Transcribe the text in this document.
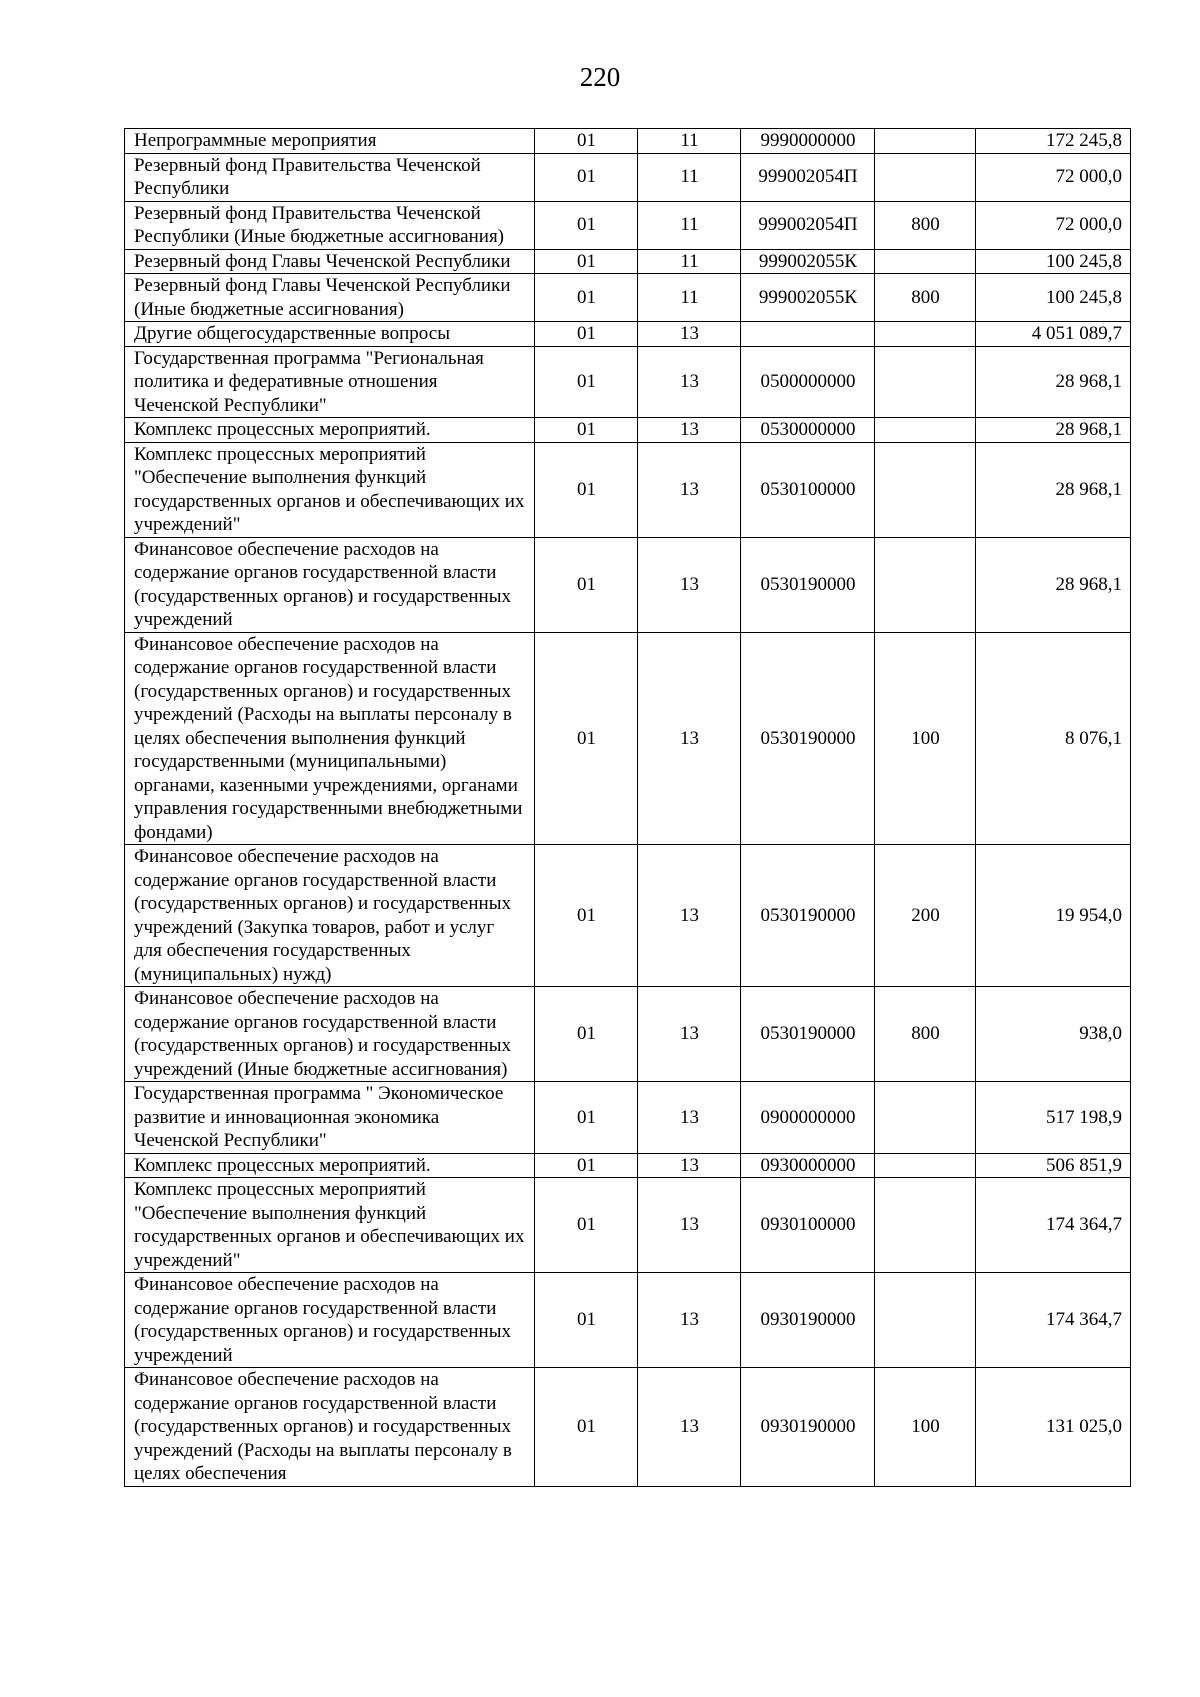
220
Непрограммные мероприятия	01	11	9990000000		172 245,8
Резервный фонд Правительства Чеченской Республики	01	11	999002054П		72 000,0
Резервный фонд Правительства Чеченской Республики (Иные бюджетные ассигнования)	01	11	999002054П	800	72 000,0
Резервный фонд Главы Чеченской Республики	01	11	999002055К		100 245,8
Резервный фонд Главы Чеченской Республики (Иные бюджетные ассигнования)	01	11	999002055К	800	100 245,8
Другие общегосударственные вопросы	01	13			4 051 089,7
Государственная программа "Региональная политика и федеративные отношения Чеченской Республики"	01	13	0500000000		28 968,1
Комплекс процессных мероприятий.	01	13	0530000000		28 968,1
Комплекс процессных мероприятий "Обеспечение выполнения функций государственных органов и обеспечивающих их учреждений"	01	13	0530100000		28 968,1
Финансовое обеспечение расходов на содержание органов государственной власти (государственных органов) и государственных учреждений	01	13	0530190000		28 968,1
Финансовое обеспечение расходов на содержание органов государственной власти (государственных органов) и государственных учреждений (Расходы на выплаты персоналу в целях обеспечения выполнения функций государственными (муниципальными) органами, казенными учреждениями, органами управления государственными внебюджетными фондами)	01	13	0530190000	100	8 076,1
Финансовое обеспечение расходов на содержание органов государственной власти (государственных органов) и государственных учреждений (Закупка товаров, работ и услуг для обеспечения государственных (муниципальных) нужд)	01	13	0530190000	200	19 954,0
Финансовое обеспечение расходов на содержание органов государственной власти (государственных органов) и государственных учреждений (Иные бюджетные ассигнования)	01	13	0530190000	800	938,0
Государственная программа " Экономическое развитие и инновационная экономика Чеченской Республики"	01	13	0900000000		517 198,9
Комплекс процессных мероприятий.	01	13	0930000000		506 851,9
Комплекс процессных мероприятий "Обеспечение выполнения функций государственных органов и обеспечивающих их учреждений"	01	13	0930100000		174 364,7
Финансовое обеспечение расходов на содержание органов государственной власти (государственных органов) и государственных учреждений	01	13	0930190000		174 364,7
Финансовое обеспечение расходов на содержание органов государственной власти (государственных органов) и государственных учреждений (Расходы на выплаты персоналу в целях обеспечения	01	13	0930190000	100	131 025,0
